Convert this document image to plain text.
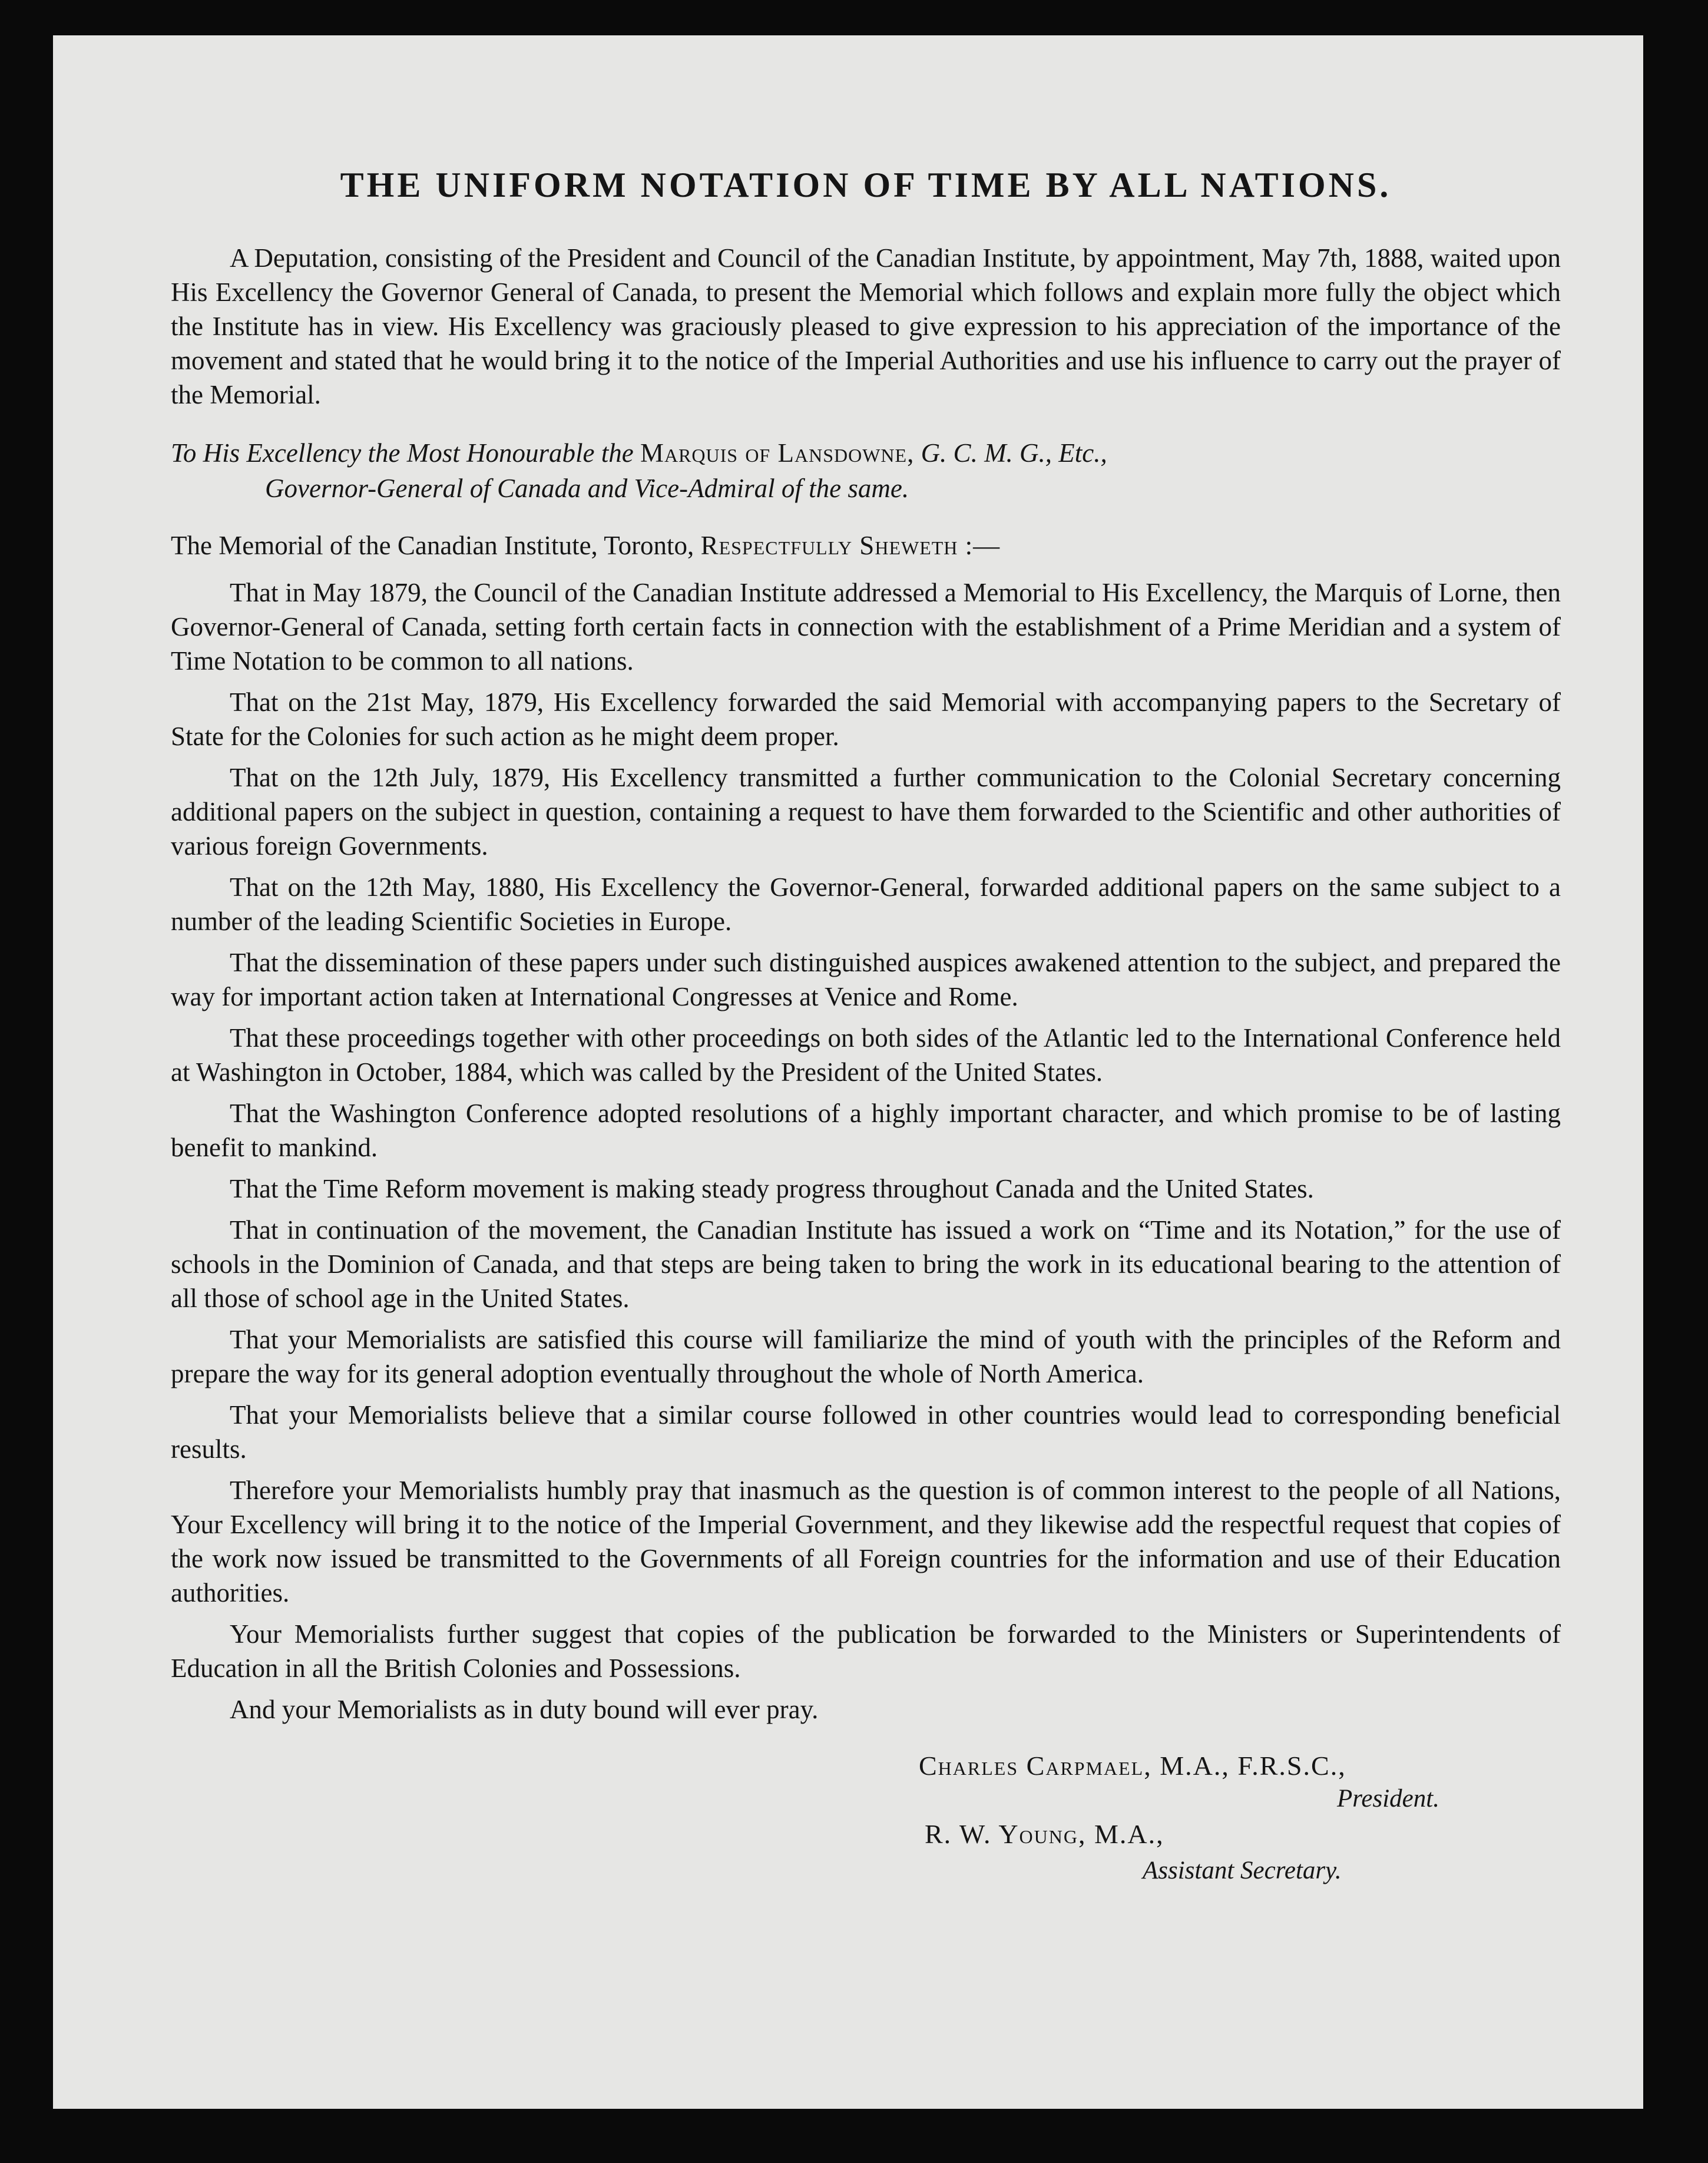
THE UNIFORM NOTATION OF TIME BY ALL NATIONS.

A Deputation, consisting of the President and Council of the Canadian Institute, by appointment, May 7th, 1888, waited upon His Excellency the Governor General of Canada, to present the Memorial which follows and explain more fully the object which the Institute has in view. His Excellency was graciously pleased to give expression to his appreciation of the importance of the movement and stated that he would bring it to the notice of the Imperial Authorities and use his influence to carry out the prayer of the Memorial.

To His Excellency the Most Honourable the Marquis of Lansdowne, G. C. M. G., Etc.,
Governor-General of Canada and Vice-Admiral of the same.

The Memorial of the Canadian Institute, Toronto, Respectfully Sheweth :—

That in May 1879, the Council of the Canadian Institute addressed a Memorial to His Excellency, the Marquis of Lorne, then Governor-General of Canada, setting forth certain facts in connection with the establishment of a Prime Meridian and a system of Time Notation to be common to all nations.

That on the 21st May, 1879, His Excellency forwarded the said Memorial with accompanying papers to the Secretary of State for the Colonies for such action as he might deem proper.

That on the 12th July, 1879, His Excellency transmitted a further communication to the Colonial Secretary concerning additional papers on the subject in question, containing a request to have them forwarded to the Scientific and other authorities of various foreign Governments.

That on the 12th May, 1880, His Excellency the Governor-General, forwarded additional papers on the same subject to a number of the leading Scientific Societies in Europe.

That the dissemination of these papers under such distinguished auspices awakened attention to the subject, and prepared the way for important action taken at International Congresses at Venice and Rome.

That these proceedings together with other proceedings on both sides of the Atlantic led to the International Conference held at Washington in October, 1884, which was called by the President of the United States.

That the Washington Conference adopted resolutions of a highly important character, and which promise to be of lasting benefit to mankind.

That the Time Reform movement is making steady progress throughout Canada and the United States.

That in continuation of the movement, the Canadian Institute has issued a work on “Time and its Notation,” for the use of schools in the Dominion of Canada, and that steps are being taken to bring the work in its educational bearing to the attention of all those of school age in the United States.

That your Memorialists are satisfied this course will familiarize the mind of youth with the principles of the Reform and prepare the way for its general adoption eventually throughout the whole of North America.

That your Memorialists believe that a similar course followed in other countries would lead to corresponding beneficial results.

Therefore your Memorialists humbly pray that inasmuch as the question is of common interest to the people of all Nations, Your Excellency will bring it to the notice of the Imperial Government, and they likewise add the respectful request that copies of the work now issued be transmitted to the Governments of all Foreign countries for the information and use of their Education authorities.

Your Memorialists further suggest that copies of the publication be forwarded to the Ministers or Superintendents of Education in all the British Colonies and Possessions.

And your Memorialists as in duty bound will ever pray.

Charles Carpmael, M.A., F.R.S.C.,
President.
R. W. Young, M.A.,
Assistant Secretary.
